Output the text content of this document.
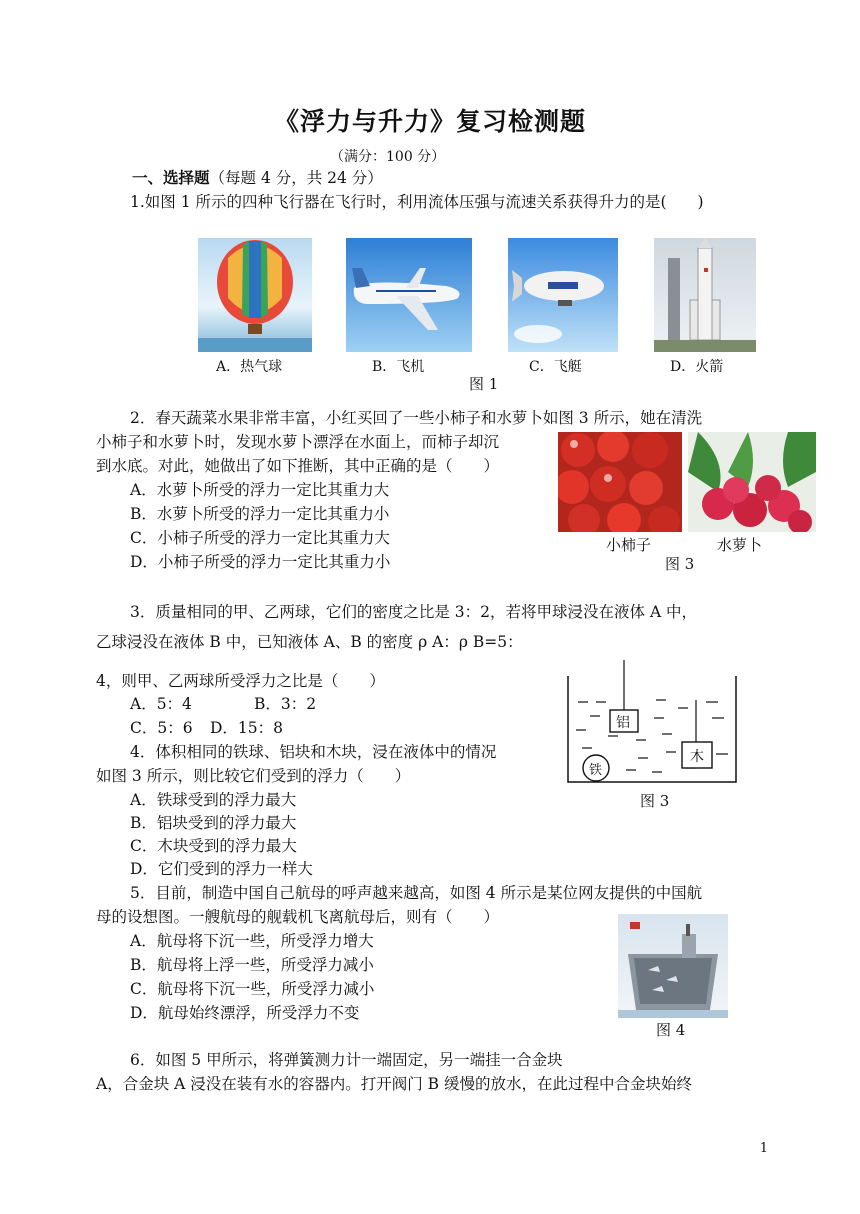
《浮力与升力》复习检测题
（满分：100 分）
一、选择题（每题 4 分，共 24 分）
1.如图 1 所示的四种飞行器在飞行时，利用流体压强与流速关系获得升力的是(　　)
A．热气球	B．飞机	C．飞艇	D．火箭
图 1
2．春天蔬菜水果非常丰富，小红买回了一些小柿子和水萝卜如图 3 所示，她在清洗
小柿子和水萝卜时，发现水萝卜漂浮在水面上，而柿子却沉
到水底。对此，她做出了如下推断，其中正确的是（　　）
A．水萝卜所受的浮力一定比其重力大
B．水萝卜所受的浮力一定比其重力小
C．小柿子所受的浮力一定比其重力大
D．小柿子所受的浮力一定比其重力小
小柿子	水萝卜
图 3
3．质量相同的甲、乙两球，它们的密度之比是 3：2，若将甲球浸没在液体 A 中，
乙球浸没在液体 B 中，已知液体 A、B 的密度 ρ A：ρ B=5：
4，则甲、乙两球所受浮力之比是（　　）
A．5：4	B．3：2
C．5：6 D．15：8
4．体积相同的铁球、铝块和木块，浸在液体中的情况
如图 3 所示，则比较它们受到的浮力（　　）
A．铁球受到的浮力最大
B．铝块受到的浮力最大
C．木块受到的浮力最大
D．它们受到的浮力一样大
铝
木
铁
图 3
5．目前，制造中国自己航母的呼声越来越高，如图 4 所示是某位网友提供的中国航
母的设想图。一艘航母的舰载机飞离航母后，则有（　　）
A．航母将下沉一些，所受浮力增大
B．航母将上浮一些，所受浮力减小
C．航母将下沉一些，所受浮力减小
D．航母始终漂浮，所受浮力不变
图 4
6．如图 5 甲所示，将弹簧测力计一端固定，另一端挂一合金块
A，合金块 A 浸没在装有水的容器内。打开阀门 B 缓慢的放水，在此过程中合金块始终
1
